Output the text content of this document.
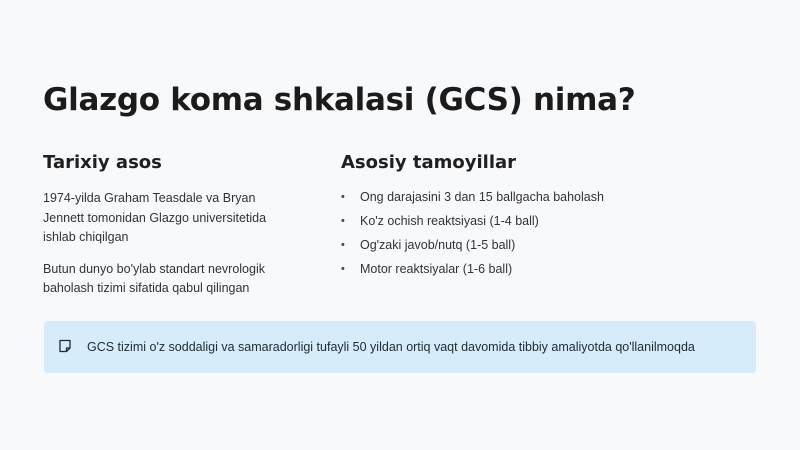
Glazgo koma shkalasi (GCS) nima?
Tarixiy asos

1974-yilda Graham Teasdale va Bryan Jennett tomonidan Glazgo universitetida ishlab chiqilgan

Butun dunyo bo'ylab standart nevrologik baholash tizimi sifatida qabul qilingan

Asosiy tamoyillar
• Ong darajasini 3 dan 15 ballgacha baholash
• Ko'z ochish reaktsiyasi (1-4 ball)
• Og'zaki javob/nutq (1-5 ball)
• Motor reaktsiyalar (1-6 ball)
GCS tizimi o'z soddaligi va samaradorligi tufayli 50 yildan ortiq vaqt davomida tibbiy amaliyotda qo'llanilmoqda
